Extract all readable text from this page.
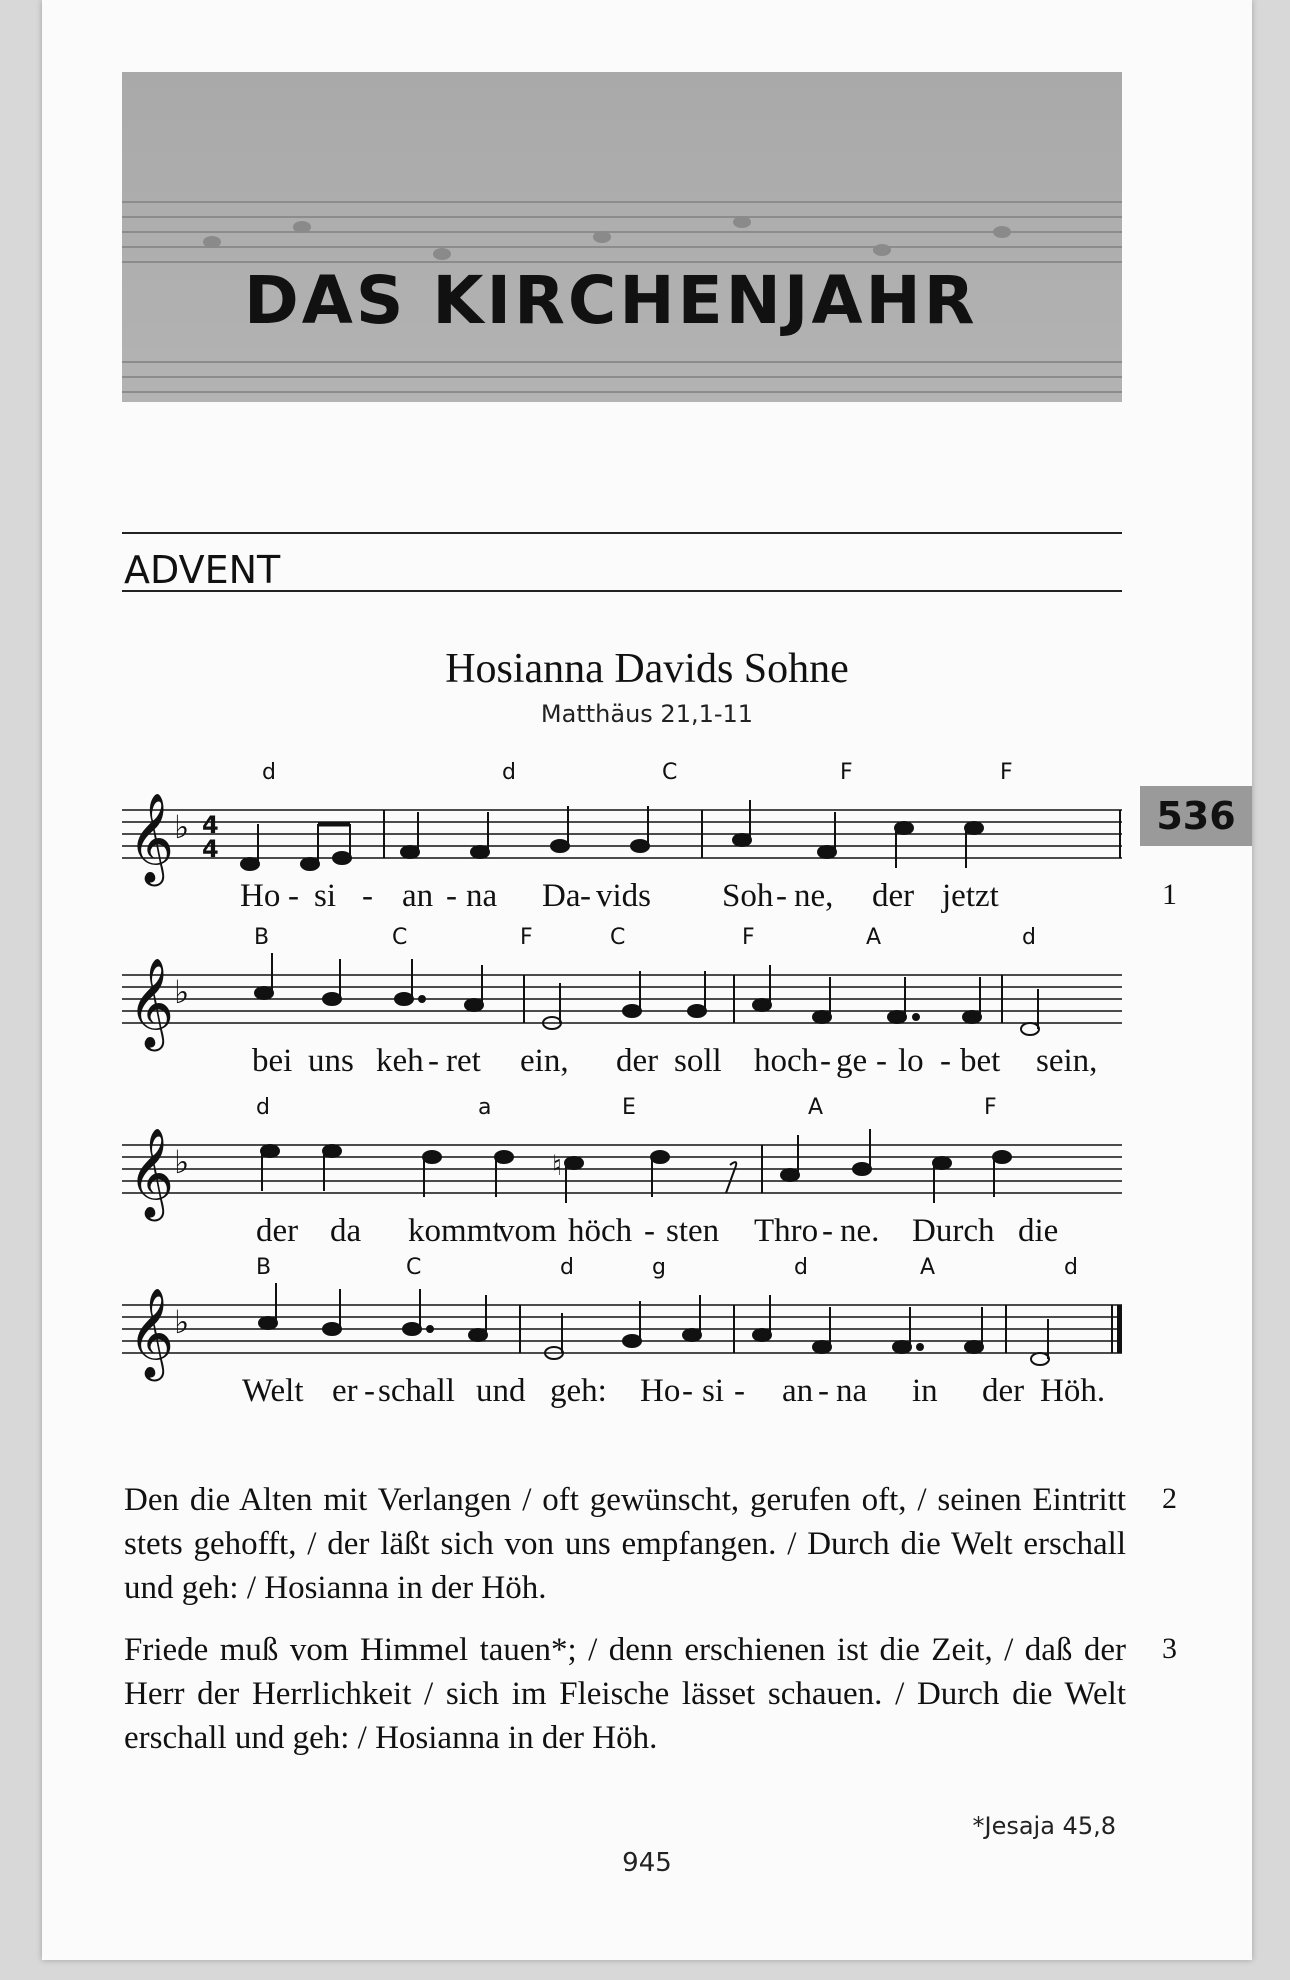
DAS KIRCHENJAHR
ADVENT
Hosianna Davids Sohne
Matthäus 21,1-11
536
d	d	C	F	F
𝄞 ♭ 4
4
Ho - si - an - na Da - vids Soh - ne, der jetzt	1
B	C	F	C	F	A	d
𝄞 ♭
bei uns keh - ret ein, der soll hoch - ge - lo - bet sein,
d	a	E	A	F
𝄞 ♭	♮
der da kommt
vom höch - sten Thro - ne. Durch die
B	C	d	g	d	A	d
𝄞 ♭
Welt er - schall und geh: Ho - si - an - na in der Höh.
Den die Alten mit Verlangen / oft gewünscht, gerufen oft, / seinen Eintritt stets gehofft, / der läßt sich von uns empfangen. / Durch die Welt erschall und geh: / Hosianna in der Höh.
2
Friede muß vom Himmel tauen*; / denn erschienen ist die Zeit, / daß der Herr der Herrlichkeit / sich im Fleische lässet schauen. / Durch die Welt erschall und geh: / Hosianna in der Höh.
3
*Jesaja 45,8
945
